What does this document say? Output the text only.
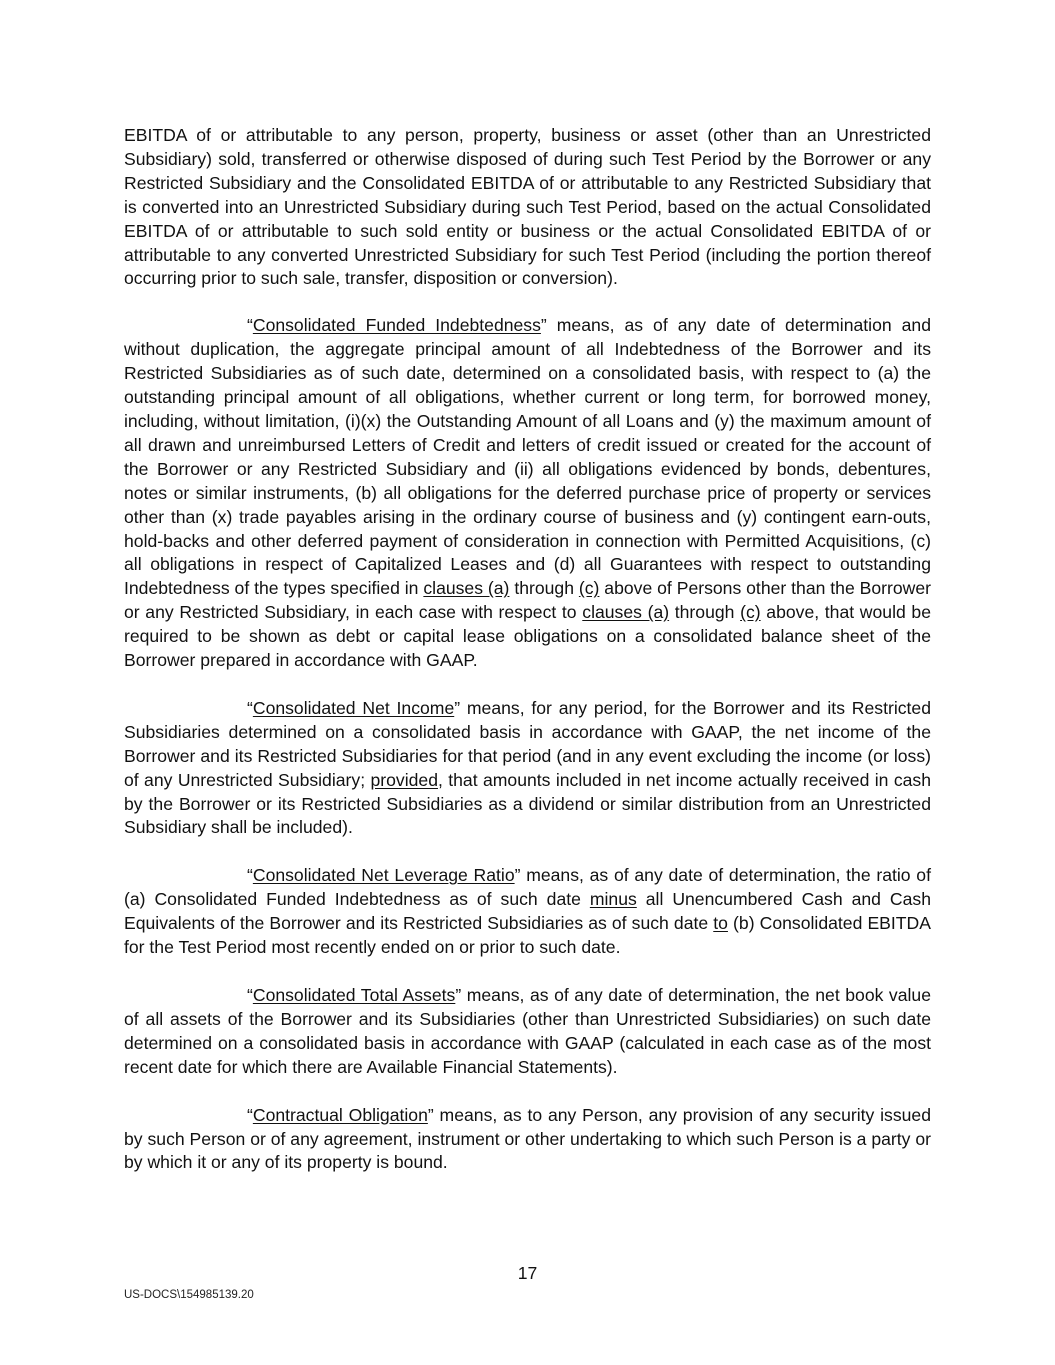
EBITDA of or attributable to any person, property, business or asset (other than an Unrestricted Subsidiary) sold, transferred or otherwise disposed of during such Test Period by the Borrower or any Restricted Subsidiary and the Consolidated EBITDA of or attributable to any Restricted Subsidiary that is converted into an Unrestricted Subsidiary during such Test Period, based on the actual Consolidated EBITDA of or attributable to such sold entity or business or the actual Consolidated EBITDA of or attributable to any converted Unrestricted Subsidiary for such Test Period (including the portion thereof occurring prior to such sale, transfer, disposition or conversion).

“Consolidated Funded Indebtedness” means, as of any date of determination and without duplication, the aggregate principal amount of all Indebtedness of the Borrower and its Restricted Subsidiaries as of such date, determined on a consolidated basis, with respect to (a) the outstanding principal amount of all obligations, whether current or long term, for borrowed money, including, without limitation, (i)(x) the Outstanding Amount of all Loans and (y) the maximum amount of all drawn and unreimbursed Letters of Credit and letters of credit issued or created for the account of the Borrower or any Restricted Subsidiary and (ii) all obligations evidenced by bonds, debentures, notes or similar instruments, (b) all obligations for the deferred purchase price of property or services other than (x) trade payables arising in the ordinary course of business and (y) contingent earn-outs, hold-backs and other deferred payment of consideration in connection with Permitted Acquisitions, (c) all obligations in respect of Capitalized Leases and (d) all Guarantees with respect to outstanding Indebtedness of the types specified in clauses (a) through (c) above of Persons other than the Borrower or any Restricted Subsidiary, in each case with respect to clauses (a) through (c) above, that would be required to be shown as debt or capital lease obligations on a consolidated balance sheet of the Borrower prepared in accordance with GAAP.

“Consolidated Net Income” means, for any period, for the Borrower and its Restricted Subsidiaries determined on a consolidated basis in accordance with GAAP, the net income of the Borrower and its Restricted Subsidiaries for that period (and in any event excluding the income (or loss) of any Unrestricted Subsidiary; provided, that amounts included in net income actually received in cash by the Borrower or its Restricted Subsidiaries as a dividend or similar distribution from an Unrestricted Subsidiary shall be included).

“Consolidated Net Leverage Ratio” means, as of any date of determination, the ratio of (a) Consolidated Funded Indebtedness as of such date minus all Unencumbered Cash and Cash Equivalents of the Borrower and its Restricted Subsidiaries as of such date to (b) Consolidated EBITDA for the Test Period most recently ended on or prior to such date.

“Consolidated Total Assets” means, as of any date of determination, the net book value of all assets of the Borrower and its Subsidiaries (other than Unrestricted Subsidiaries) on such date determined on a consolidated basis in accordance with GAAP (calculated in each case as of the most recent date for which there are Available Financial Statements).

“Contractual Obligation” means, as to any Person, any provision of any security issued by such Person or of any agreement, instrument or other undertaking to which such Person is a party or by which it or any of its property is bound.

17
US-DOCS\154985139.20
